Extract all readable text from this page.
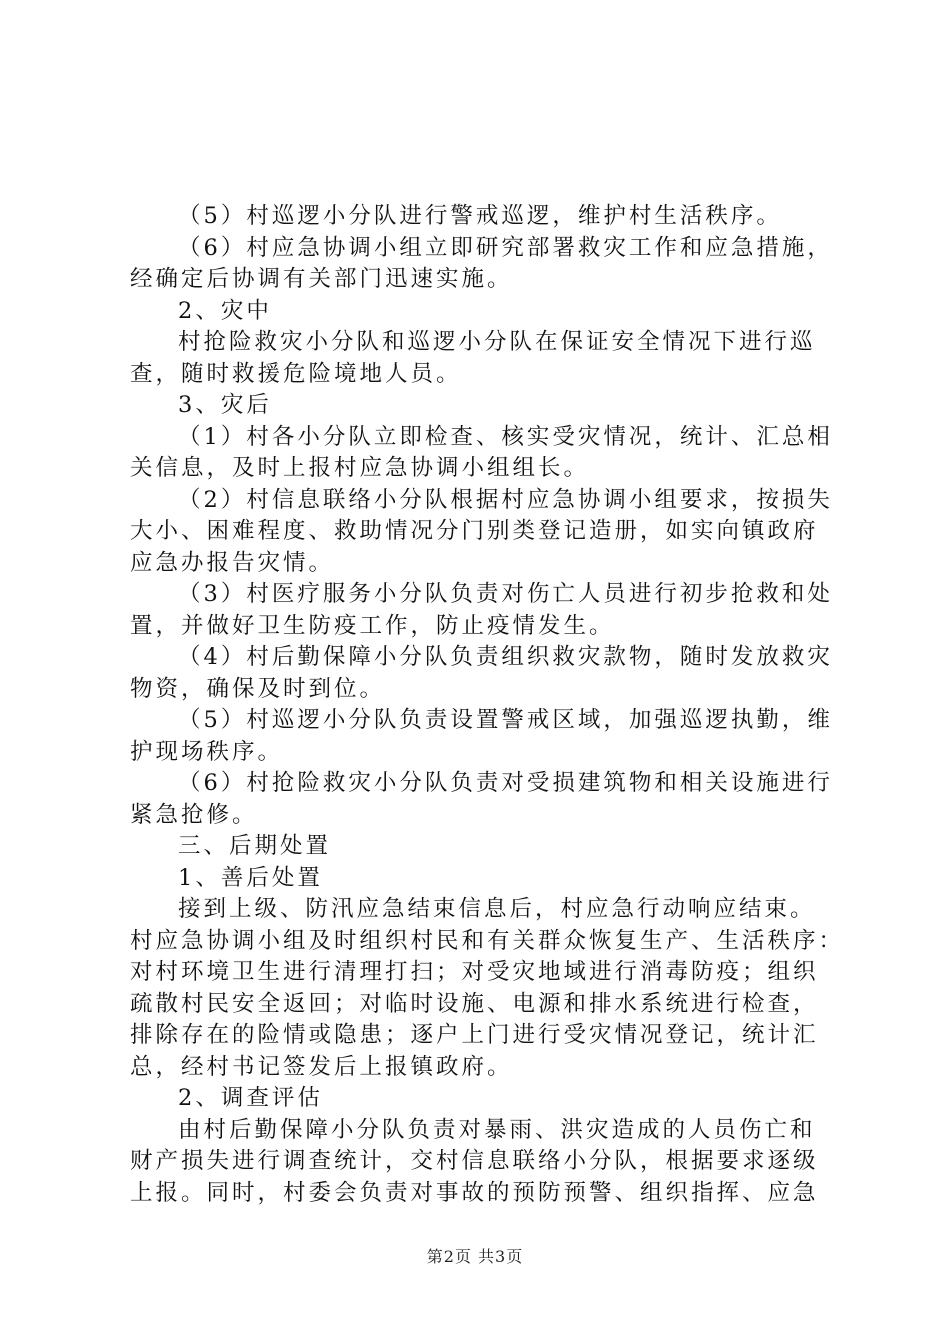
（5）村巡逻小分队进行警戒巡逻，维护村生活秩序。
（6）村应急协调小组立即研究部署救灾工作和应急措施，
经确定后协调有关部门迅速实施。
2、灾中
村抢险救灾小分队和巡逻小分队在保证安全情况下进行巡
查，随时救援危险境地人员。
3、灾后
（1）村各小分队立即检查、核实受灾情况，统计、汇总相
关信息，及时上报村应急协调小组组长。
（2）村信息联络小分队根据村应急协调小组要求，按损失
大小、困难程度、救助情况分门别类登记造册，如实向镇政府
应急办报告灾情。
（3）村医疗服务小分队负责对伤亡人员进行初步抢救和处
置，并做好卫生防疫工作，防止疫情发生。
（4）村后勤保障小分队负责组织救灾款物，随时发放救灾
物资，确保及时到位。
（5）村巡逻小分队负责设置警戒区域，加强巡逻执勤，维
护现场秩序。
（6）村抢险救灾小分队负责对受损建筑物和相关设施进行
紧急抢修。
三、后期处置
1、善后处置
接到上级、防汛应急结束信息后，村应急行动响应结束。
村应急协调小组及时组织村民和有关群众恢复生产、生活秩序：
对村环境卫生进行清理打扫；对受灾地域进行消毒防疫；组织
疏散村民安全返回；对临时设施、电源和排水系统进行检查，
排除存在的险情或隐患；逐户上门进行受灾情况登记，统计汇
总，经村书记签发后上报镇政府。
2、调查评估
由村后勤保障小分队负责对暴雨、洪灾造成的人员伤亡和
财产损失进行调查统计，交村信息联络小分队，根据要求逐级
上报。同时，村委会负责对事故的预防预警、组织指挥、应急
第2页 共3页
